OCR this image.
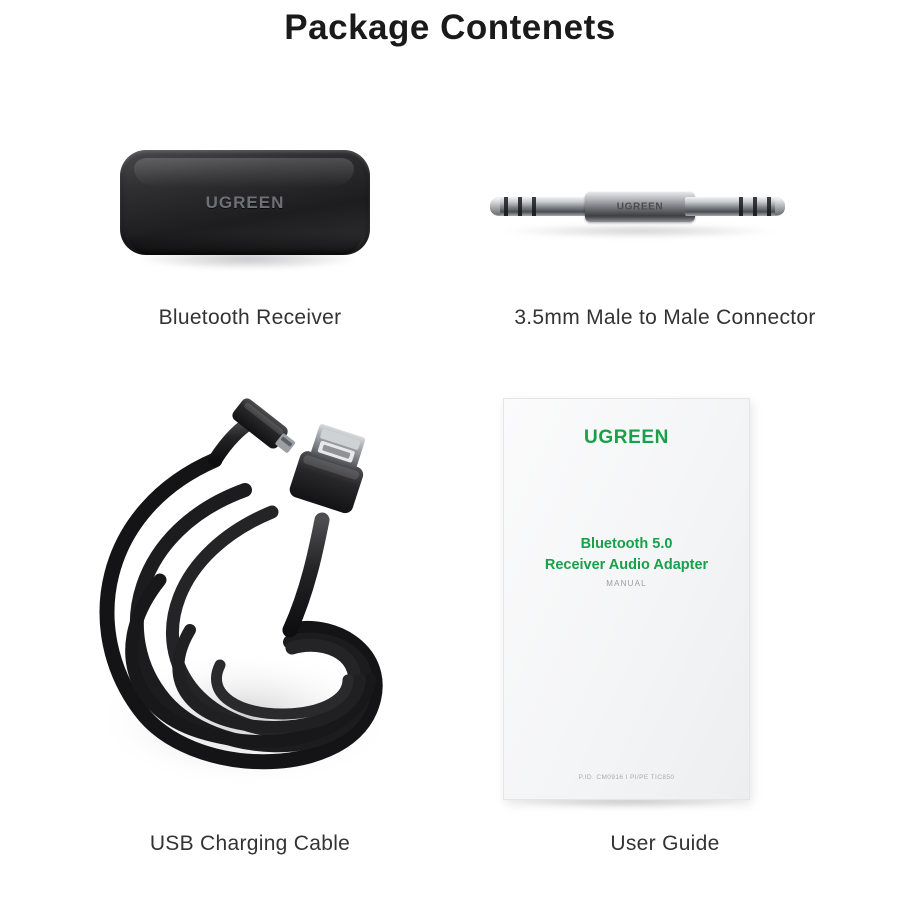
Package Contenets
UGREEN
Bluetooth Receiver
UGREEN
3.5mm Male to Male Connector
USB Charging Cable
UGREEN
Bluetooth 5.0
Receiver Audio Adapter
MANUAL
P.ID. CM0916 I PI/PE TIC850
User Guide
